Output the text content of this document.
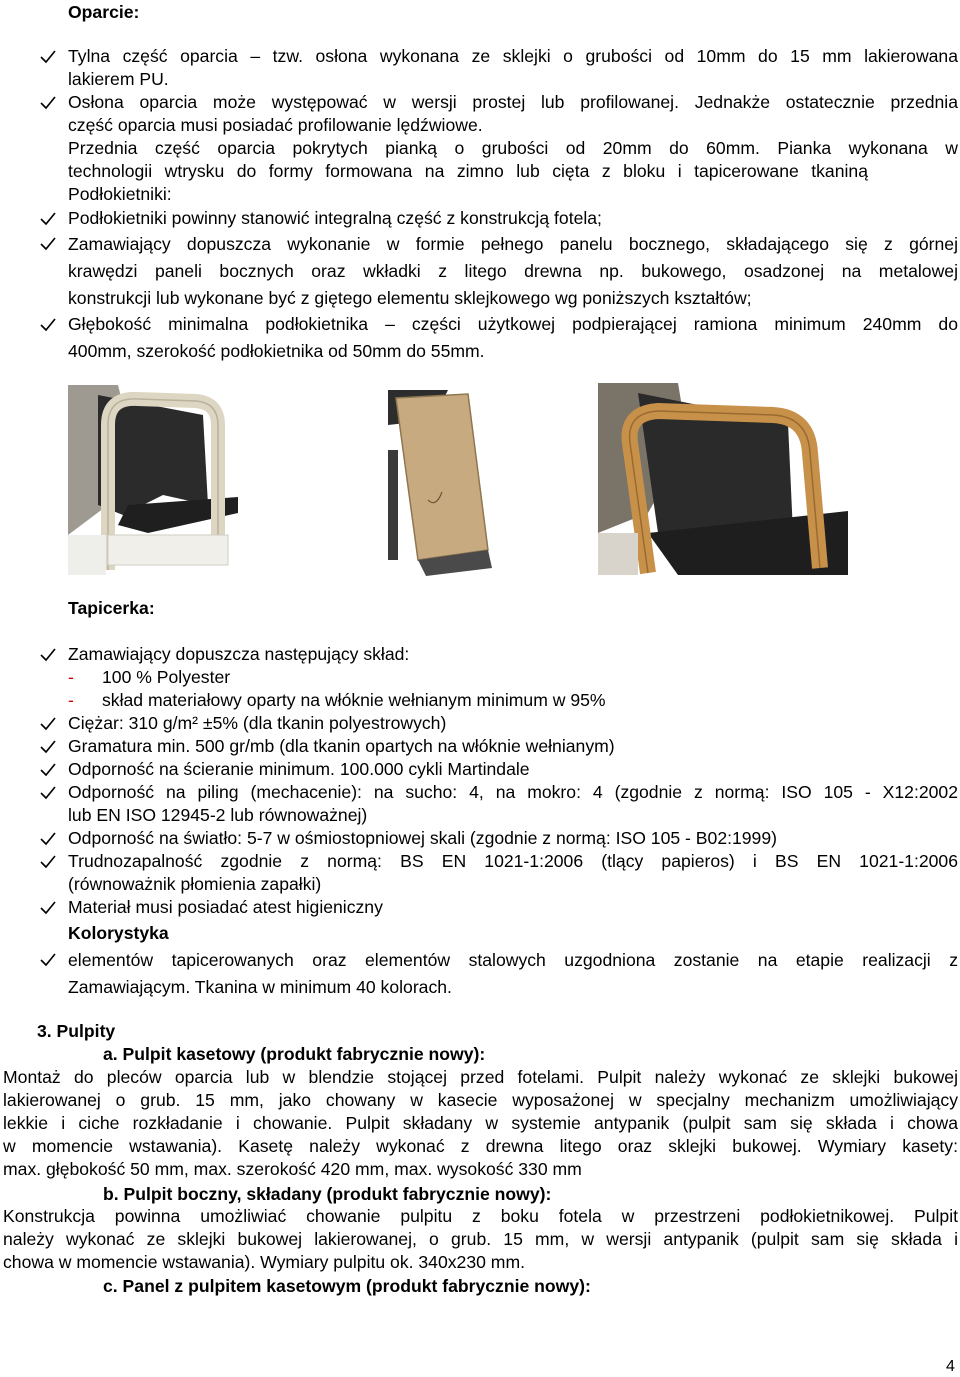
Oparcie:
Tylna część oparcia – tzw. osłona wykonana ze sklejki o grubości od 10mm do 15 mm lakierowana
lakierem PU.
Osłona oparcia może występować w wersji prostej lub profilowanej. Jednakże ostatecznie przednia
część oparcia musi posiadać profilowanie lędźwiowe.
Przednia część oparcia pokrytych pianką o grubości od 20mm do 60mm. Pianka wykonana w
technologii wtrysku do formy formowana na zimno lub cięta z bloku i tapicerowane tkaniną
Podłokietniki:
Podłokietniki powinny stanowić integralną część z konstrukcją fotela;
Zamawiający dopuszcza wykonanie w formie pełnego panelu bocznego, składającego się z górnej
krawędzi paneli bocznych oraz wkładki z litego drewna np. bukowego, osadzonej na metalowej
konstrukcji lub wykonane być z giętego elementu sklejkowego wg poniższych kształtów;
Głębokość minimalna podłokietnika – części użytkowej podpierającej ramiona minimum 240mm do
400mm, szerokość podłokietnika od 50mm do 55mm.
Tapicerka:
Zamawiający dopuszcza następujący skład:
- 100 % Polyester
- skład materiałowy oparty na włóknie wełnianym minimum w 95%
Ciężar: 310 g/m² ±5% (dla tkanin polyestrowych)
Gramatura min. 500 gr/mb (dla tkanin opartych na włóknie wełnianym)
Odporność na ścieranie minimum. 100.000 cykli Martindale
Odporność na piling (mechacenie): na sucho: 4, na mokro: 4 (zgodnie z normą: ISO 105 - X12:2002
lub EN ISO 12945-2 lub równoważnej)
Odporność na światło: 5-7 w ośmiostopniowej skali (zgodnie z normą: ISO 105 - B02:1999)
Trudnozapalność zgodnie z normą: BS EN 1021-1:2006 (tlący papieros) i BS EN 1021-1:2006
(równoważnik płomienia zapałki)
Materiał musi posiadać atest higieniczny
Kolorystyka
elementów tapicerowanych oraz elementów stalowych uzgodniona zostanie na etapie realizacji z
Zamawiającym. Tkanina w minimum 40 kolorach.
3. Pulpity
a. Pulpit kasetowy (produkt fabrycznie nowy):
Montaż do pleców oparcia lub w blendzie stojącej przed fotelami. Pulpit należy wykonać ze sklejki bukowej
lakierowanej o grub. 15 mm, jako chowany w kasecie wyposażonej w specjalny mechanizm umożliwiający
lekkie i ciche rozkładanie i chowanie. Pulpit składany w systemie antypanik (pulpit sam się składa i chowa
w momencie wstawania). Kasetę należy wykonać z drewna litego oraz sklejki bukowej. Wymiary kasety:
max. głębokość 50 mm, max. szerokość 420 mm, max. wysokość 330 mm
b. Pulpit boczny, składany (produkt fabrycznie nowy):
Konstrukcja powinna umożliwiać chowanie pulpitu z boku fotela w przestrzeni podłokietnikowej. Pulpit
należy wykonać ze sklejki bukowej lakierowanej, o grub. 15 mm, w wersji antypanik (pulpit sam się składa i
chowa w momencie wstawania). Wymiary pulpitu ok. 340x230 mm.
c. Panel z pulpitem kasetowym (produkt fabrycznie nowy):
4
